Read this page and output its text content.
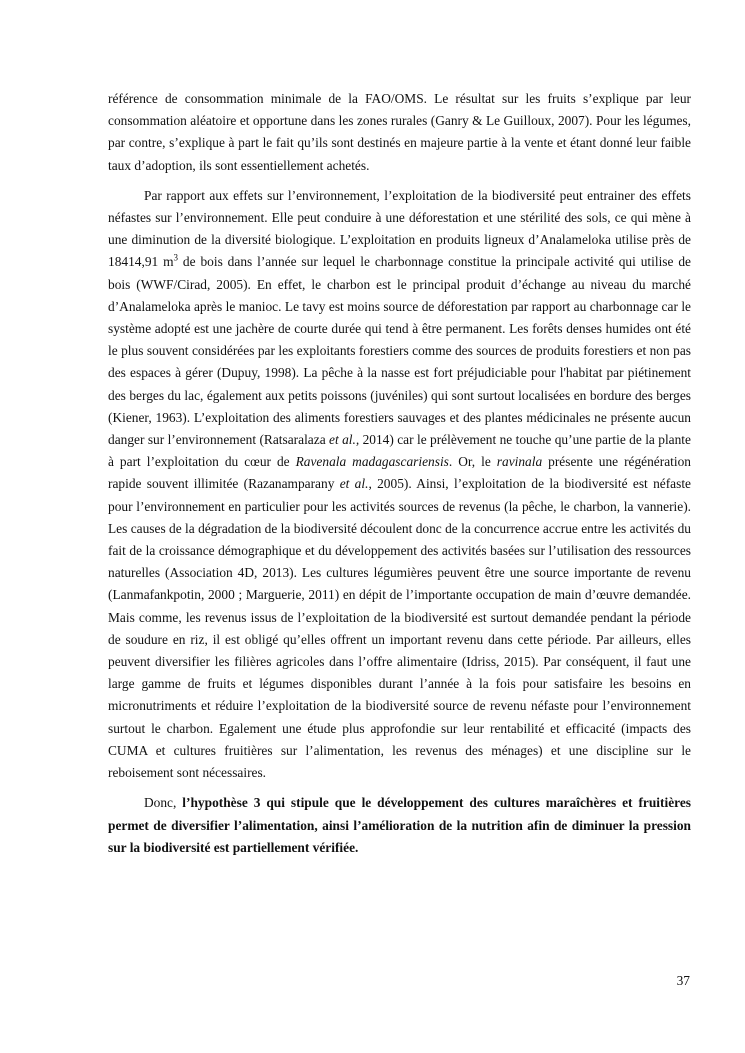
référence de consommation minimale de la FAO/OMS. Le résultat sur les fruits s’explique par leur consommation aléatoire et opportune dans les zones rurales (Ganry & Le Guilloux, 2007). Pour les légumes, par contre, s’explique à part le fait qu’ils sont destinés en majeure partie à la vente et étant donné leur faible taux d’adoption, ils sont essentiellement achetés.

Par rapport aux effets sur l’environnement, l’exploitation de la biodiversité peut entrainer des effets néfastes sur l’environnement. Elle peut conduire à une déforestation et une stérilité des sols, ce qui mène à une diminution de la diversité biologique. L’exploitation en produits ligneux d’Analameloka utilise près de 18414,91 $m^3$ de bois dans l’année sur lequel le charbonnage constitue la principale activité qui utilise de bois (WWF/Cirad, 2005). En effet, le charbon est le principal produit d’échange au niveau du marché d’Analameloka après le manioc. Le tavy est moins source de déforestation par rapport au charbonnage car le système adopté est une jachère de courte durée qui tend à être permanent. Les forêts denses humides ont été le plus souvent considérées par les exploitants forestiers comme des sources de produits forestiers et non pas des espaces à gérer (Dupuy, 1998). La pêche à la nasse est fort préjudiciable pour l'habitat par piétinement des berges du lac, également aux petits poissons (juvéniles) qui sont surtout localisées en bordure des berges (Kiener, 1963). L’exploitation des aliments forestiers sauvages et des plantes médicinales ne présente aucun danger sur l’environnement (Ratsaralaza et al., 2014) car le prélèvement ne touche qu’une partie de la plante à part l’exploitation du cœur de Ravenala madagascariensis. Or, le ravinala présente une régénération rapide souvent illimitée (Razanamparany et al., 2005). Ainsi, l’exploitation de la biodiversité est néfaste pour l’environnement en particulier pour les activités sources de revenus (la pêche, le charbon, la vannerie). Les causes de la dégradation de la biodiversité découlent donc de la concurrence accrue entre les activités du fait de la croissance démographique et du développement des activités basées sur l’utilisation des ressources naturelles (Association 4D, 2013). Les cultures légumières peuvent être une source importante de revenu (Lanmafankpotin, 2000 ; Marguerie, 2011) en dépit de l’importante occupation de main d’œuvre demandée. Mais comme, les revenus issus de l’exploitation de la biodiversité est surtout demandée pendant la période de soudure en riz, il est obligé qu’elles offrent un important revenu dans cette période. Par ailleurs, elles peuvent diversifier les filières agricoles dans l’offre alimentaire (Idriss, 2015). Par conséquent, il faut une large gamme de fruits et légumes disponibles durant l’année à la fois pour satisfaire les besoins en micronutriments et réduire l’exploitation de la biodiversité source de revenu néfaste pour l’environnement surtout le charbon. Egalement une étude plus approfondie sur leur rentabilité et efficacité (impacts des CUMA et cultures fruitières sur l’alimentation, les revenus des ménages) et une discipline sur le reboisement sont nécessaires.

Donc, l’hypothèse 3 qui stipule que le développement des cultures maraîchères et fruitières permet de diversifier l’alimentation, ainsi l’amélioration de la nutrition afin de diminuer la pression sur la biodiversité est partiellement vérifiée.

37
